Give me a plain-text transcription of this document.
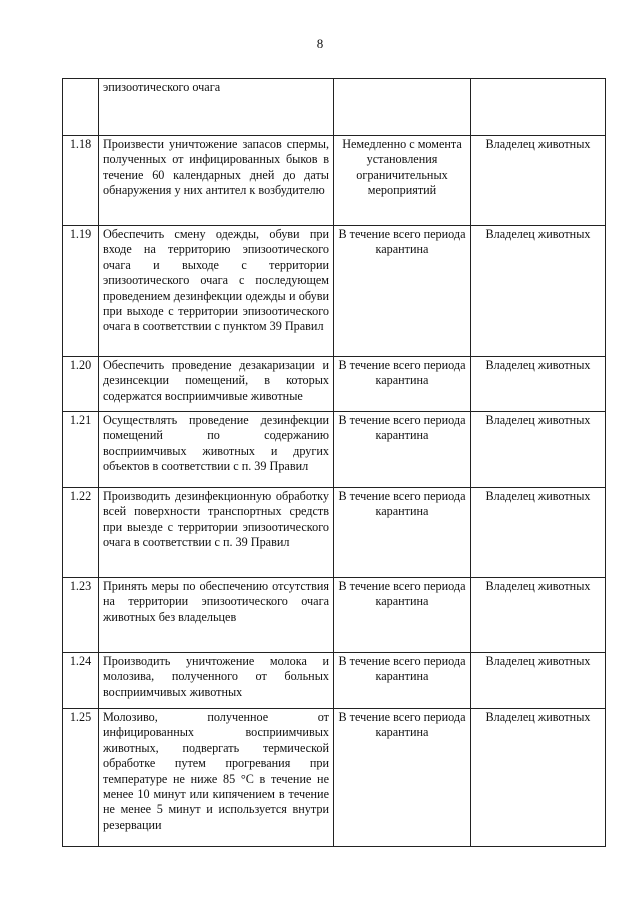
8
	эпизоотического очага		
1.18	Произвести уничтожение запасов спермы, полученных от инфицированных быков в течение 60 календарных дней до даты обнаружения у них антител к возбудителю	Немедленно с момента установления ограничительных мероприятий	Владелец животных
1.19	Обеспечить смену одежды, обуви при входе на территорию эпизоотического очага и выходе с территории эпизоотического очага с последующем проведением дезинфекции одежды и обуви при выходе с территории эпизоотического очага в соответствии с пунктом 39 Правил	В течение всего периода карантина	Владелец животных
1.20	Обеспечить проведение дезакаризации и дезинсекции помещений, в которых содержатся восприимчивые животные	В течение всего периода карантина	Владелец животных
1.21	Осуществлять проведение дезинфекции помещений по содержанию восприимчивых животных и других объектов в соответствии с п. 39 Правил	В течение всего периода карантина	Владелец животных
1.22	Производить дезинфекционную обработку всей поверхности транспортных средств при выезде с территории эпизоотического очага в соответствии с п. 39 Правил	В течение всего периода карантина	Владелец животных
1.23	Принять меры по обеспечению отсутствия на территории эпизоотического очага животных без владельцев	В течение всего периода карантина	Владелец животных
1.24	Производить уничтожение молока и молозива, полученного от больных восприимчивых животных	В течение всего периода карантина	Владелец животных
1.25	Молозиво, полученное от инфицированных восприимчивых животных, подвергать термической обработке путем прогревания при температуре не ниже 85 °С в течение не менее 10 минут или кипячением в течение не менее 5 минут и используется внутри резервации	В течение всего периода карантина	Владелец животных
